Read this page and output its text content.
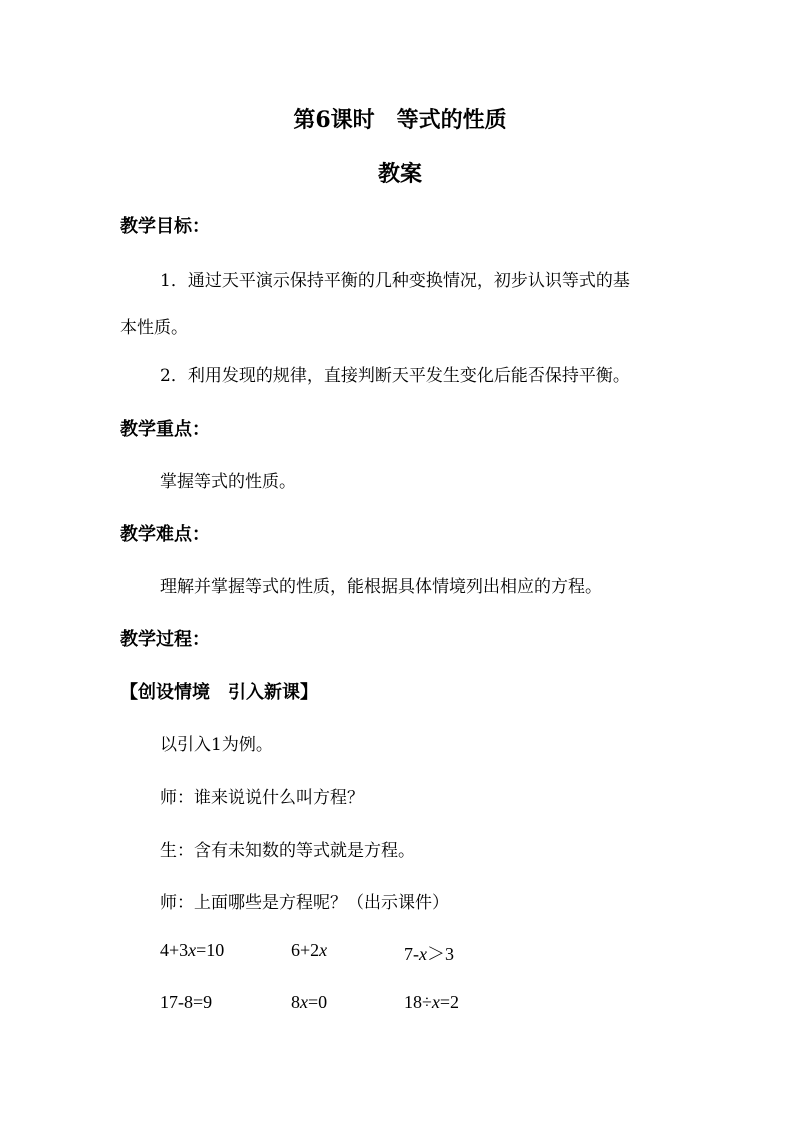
第6课时　等式的性质
教案
教学目标：
1．通过天平演示保持平衡的几种变换情况，初步认识等式的基
本性质。
2．利用发现的规律，直接判断天平发生变化后能否保持平衡。
教学重点：
掌握等式的性质。
教学难点：
理解并掌握等式的性质，能根据具体情境列出相应的方程。
教学过程：
【创设情境　引入新课】
以引入1为例。
师：谁来说说什么叫方程？
生：含有未知数的等式就是方程。
师：上面哪些是方程呢？（出示课件）
4+3x=10	6+2x	7-x＞3
17-8=9	8x=0	18÷x=2
